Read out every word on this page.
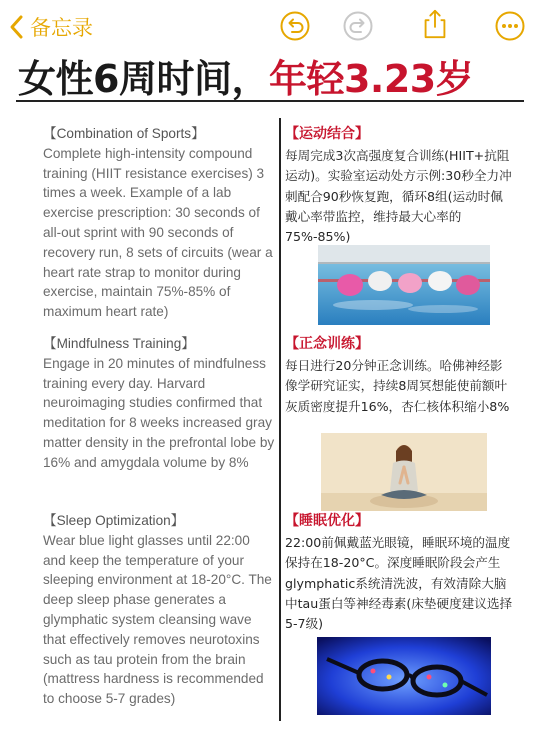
备忘录
女性6周时间， 年轻3.23岁
【Combination of Sports】
Complete high-intensity compound training (HIIT resistance exercises) 3 times a week. Example of a lab exercise prescription: 30 seconds of all-out sprint with 90 seconds of recovery run, 8 sets of circuits (wear a heart rate strap to monitor during exercise, maintain 75%-85% of maximum heart rate)
【运动结合】
每周完成3次高强度复合训练(HIIT+抗阻运动)。实验室运动处方示例:30秒全力冲刺配合90秒恢复跑，循环8组(运动时佩戴心率带监控，维持最大心率的75%-85%)
【Mindfulness Training】
Engage in 20 minutes of mindfulness training every day. Harvard neuroimaging studies confirmed that meditation for 8 weeks increased gray matter density in the prefrontal lobe by 16% and amygdala volume by 8%
【正念训练】
每日进行20分钟正念训练。哈佛神经影像学研究证实，持续8周冥想能使前额叶灰质密度提升16%，杏仁核体积缩小8%
【Sleep Optimization】
Wear blue light glasses until 22:00 and keep the temperature of your sleeping environment at 18-20°C. The deep sleep phase generates a glymphatic system cleansing wave that effectively removes neurotoxins such as tau protein from the brain (mattress hardness is recommended to choose 5-7 grades)
【睡眠优化】
22:00前佩戴蓝光眼镜，睡眠环境的温度保持在18-20°C。深度睡眠阶段会产生glymphatic系统清洗波，有效清除大脑中tau蛋白等神经毒素(床垫硬度建议选择5-7级)
